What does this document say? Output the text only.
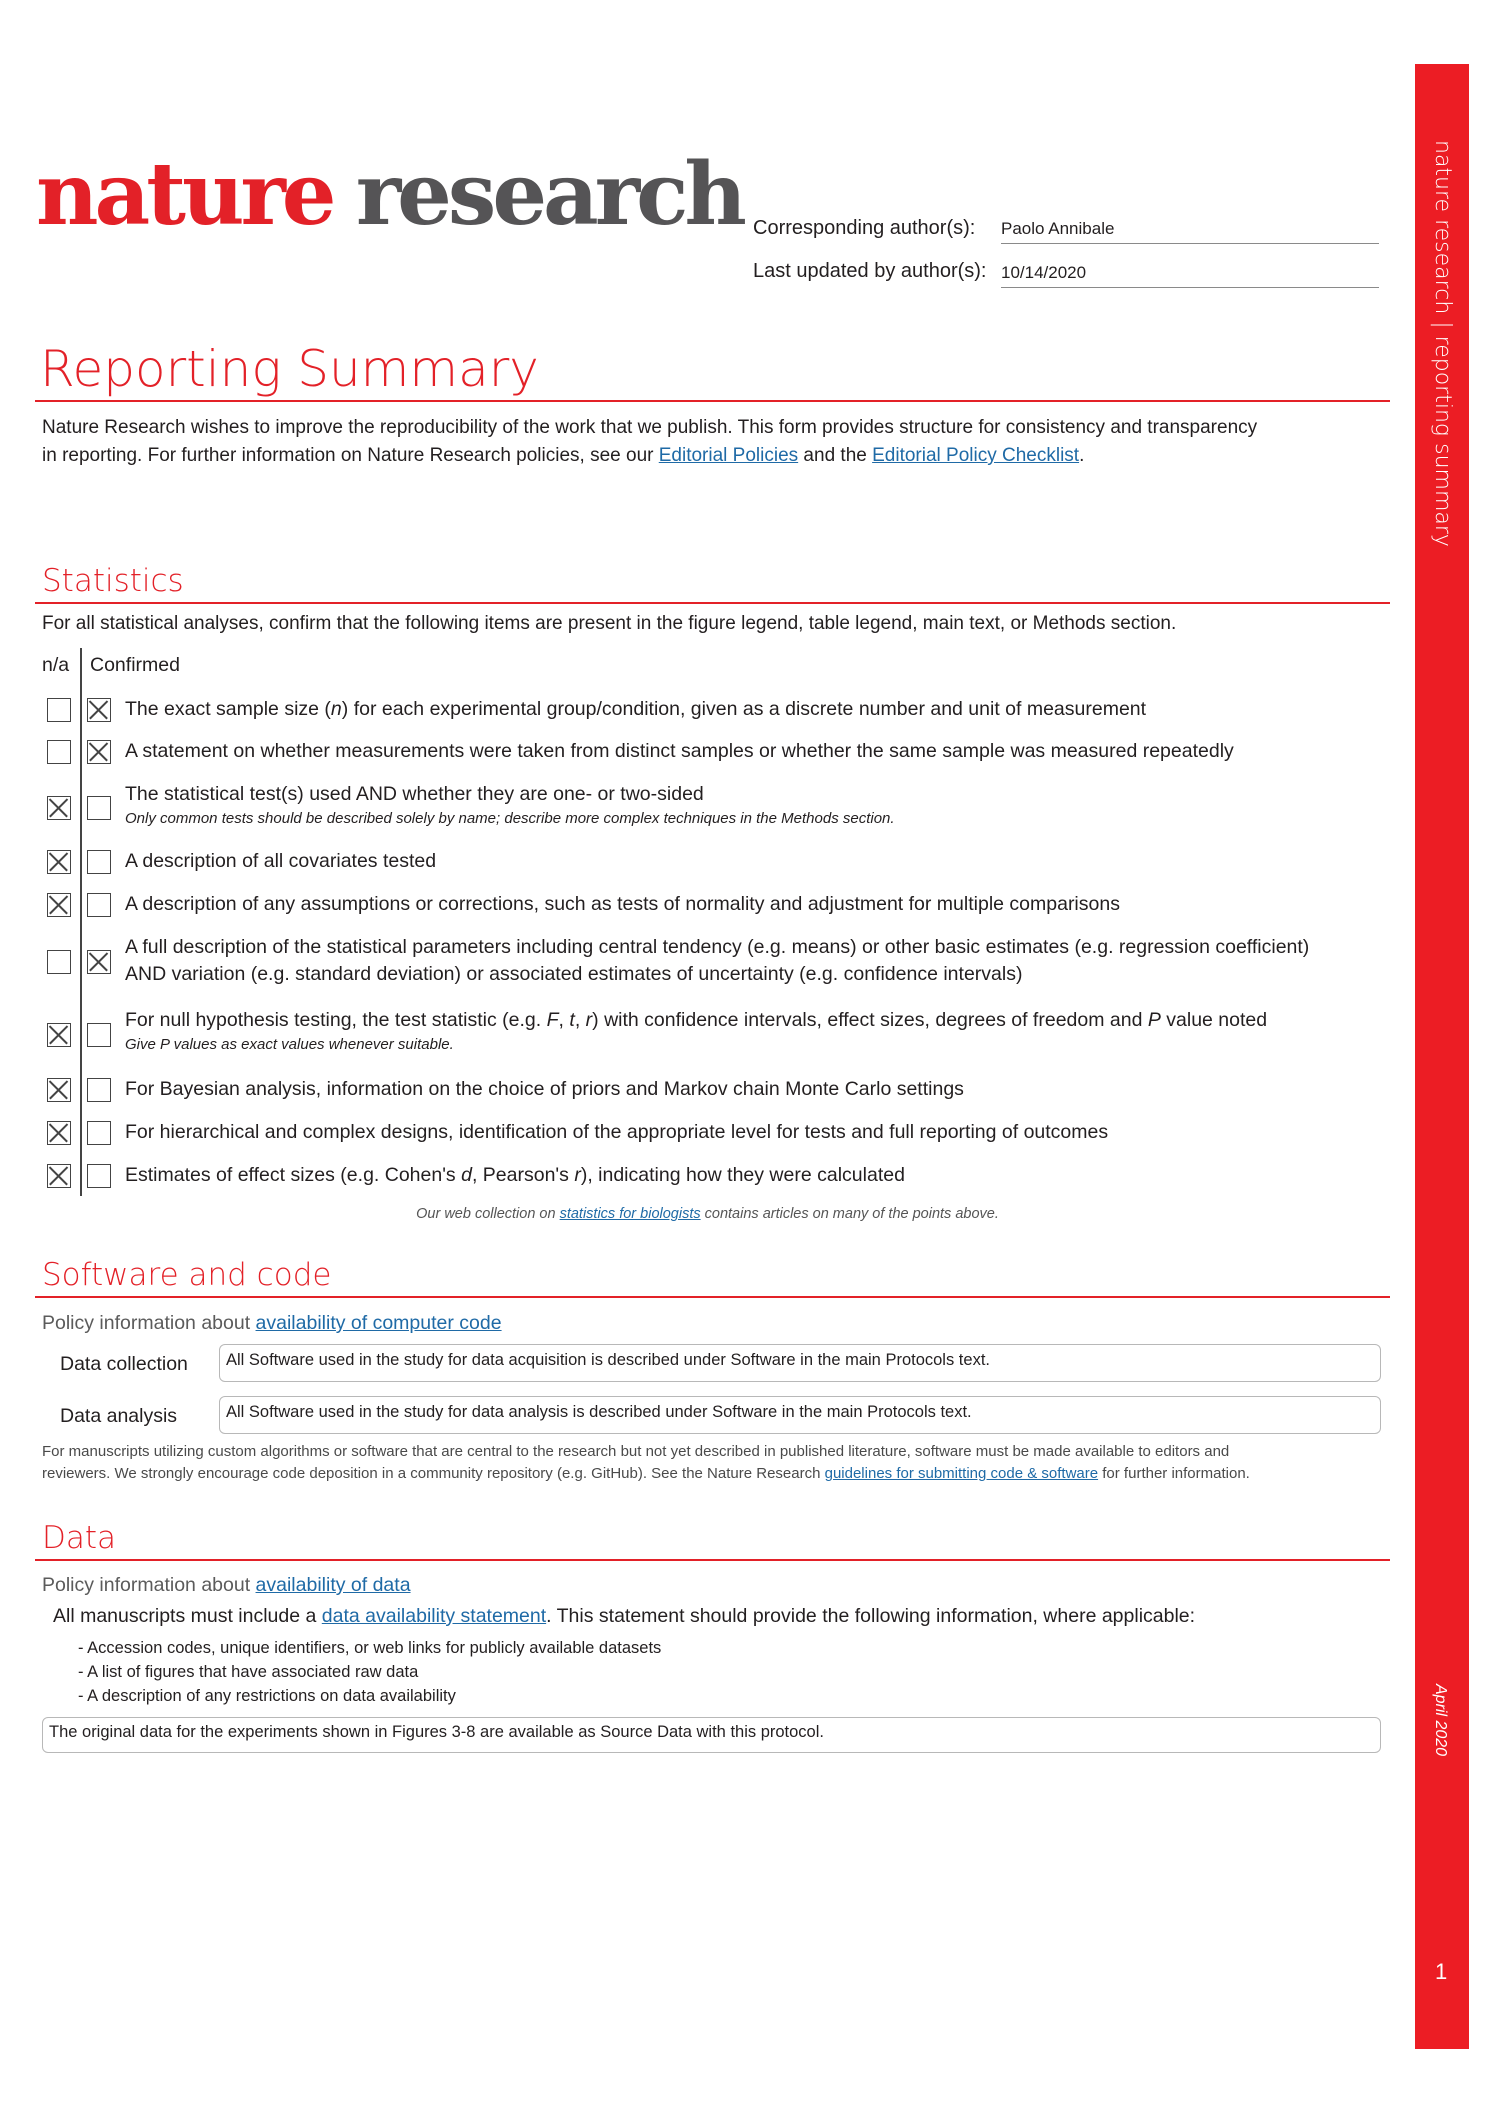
nature research | reporting summary
April 2020
1
nature research Corresponding author(s): Paolo Annibale
Last updated by author(s): 10/14/2020
Reporting Summary
Nature Research wishes to improve the reproducibility of the work that we publish. This form provides structure for consistency and transparency
in reporting. For further information on Nature Research policies, see our Editorial Policies and the Editorial Policy Checklist.
Statistics
For all statistical analyses, confirm that the following items are present in the figure legend, table legend, main text, or Methods section.
n/a Confirmed
The exact sample size (n) for each experimental group/condition, given as a discrete number and unit of measurement
A statement on whether measurements were taken from distinct samples or whether the same sample was measured repeatedly
The statistical test(s) used AND whether they are one- or two-sided
Only common tests should be described solely by name; describe more complex techniques in the Methods section.
A description of all covariates tested
A description of any assumptions or corrections, such as tests of normality and adjustment for multiple comparisons
A full description of the statistical parameters including central tendency (e.g. means) or other basic estimates (e.g. regression coefficient)
AND variation (e.g. standard deviation) or associated estimates of uncertainty (e.g. confidence intervals)
For null hypothesis testing, the test statistic (e.g. F, t, r) with confidence intervals, effect sizes, degrees of freedom and P value noted
Give P values as exact values whenever suitable.
For Bayesian analysis, information on the choice of priors and Markov chain Monte Carlo settings
For hierarchical and complex designs, identification of the appropriate level for tests and full reporting of outcomes
Estimates of effect sizes (e.g. Cohen's d, Pearson's r), indicating how they were calculated
Our web collection on statistics for biologists contains articles on many of the points above.
Software and code
Policy information about availability of computer code
Data collection	All Software used in the study for data acquisition is described under Software in the main Protocols text.
Data analysis	All Software used in the study for data analysis is described under Software in the main Protocols text.
For manuscripts utilizing custom algorithms or software that are central to the research but not yet described in published literature, software must be made available to editors and
reviewers. We strongly encourage code deposition in a community repository (e.g. GitHub). See the Nature Research guidelines for submitting code & software for further information.
Data
Policy information about availability of data
All manuscripts must include a data availability statement. This statement should provide the following information, where applicable:
- Accession codes, unique identifiers, or web links for publicly available datasets
- A list of figures that have associated raw data
- A description of any restrictions on data availability
The original data for the experiments shown in Figures 3-8 are available as Source Data with this protocol.
